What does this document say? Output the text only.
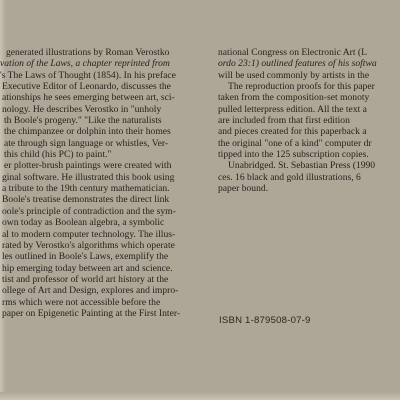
generated illustrations by Roman Verostko
vation of the Laws, a chapter reprinted from
's The Laws of Thought (1854). In his preface
Executive Editor of Leonardo, discusses the
ationships he sees emerging between art, sci-
nology. He describes Verostko in "unholy
th Boole's progeny." "Like the naturalists
the chimpanzee or dolphin into their homes
ate through sign language or whistles, Ver-
this child (his PC) to paint."
er plotter-brush paintings were created with
ginal software. He illustrated this book using
a tribute to the 19th century mathematician.
Boole's treatise demonstrates the direct link
oole's principle of contradiction and the sym-
own today as Boolean algebra, a symbolic
al to modern computer technology. The illus-
rated by Verostko's algorithms which operate
les outlined in Boole's Laws, exemplify the
hip emerging today between art and science.
tist and professor of world art history at the
ollege of Art and Design, explores and impro-
rms which were not accessible before the
paper on Epigenetic Painting at the First Inter-
national Congress on Electronic Art (L
ordo 23:1) outlined features of his softwa
will be used commonly by artists in the
The reproduction proofs for this paper
taken from the composition-set monoty
pulled letterpress edition. All the text a
are included from that first edition
and pieces created for this paperback a
the original "one of a kind" computer dr
tipped into the 125 subscription copies.
Unabridged. St. Sebastian Press (1990
ces. 16 black and gold illustrations, 6
paper bound.
ISBN 1-879508-07-9
